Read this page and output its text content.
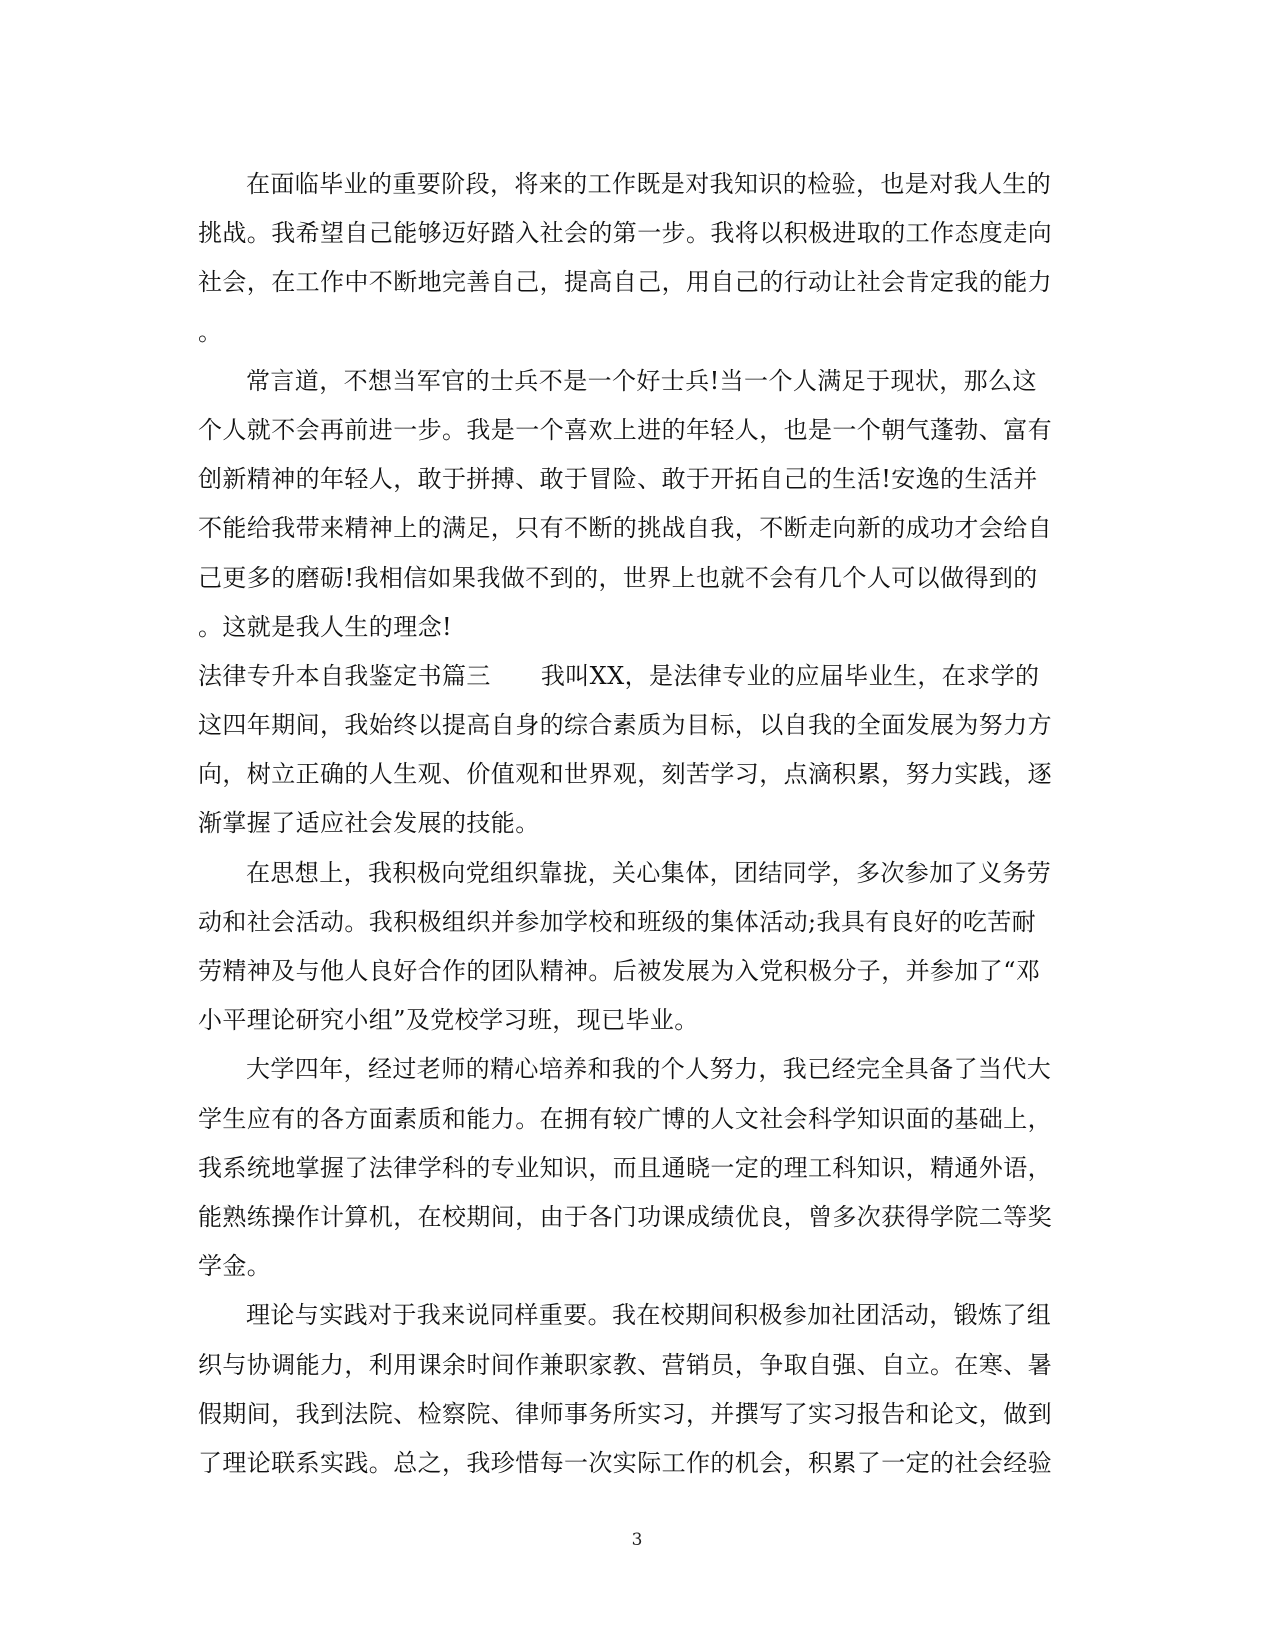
在面临毕业的重要阶段，将来的工作既是对我知识的检验，也是对我人生的
挑战。我希望自己能够迈好踏入社会的第一步。我将以积极进取的工作态度走向
社会，在工作中不断地完善自己，提高自己，用自己的行动让社会肯定我的能力
。
常言道，不想当军官的士兵不是一个好士兵!当一个人满足于现状，那么这
个人就不会再前进一步。我是一个喜欢上进的年轻人，也是一个朝气蓬勃、富有
创新精神的年轻人，敢于拼搏、敢于冒险、敢于开拓自己的生活!安逸的生活并
不能给我带来精神上的满足，只有不断的挑战自我，不断走向新的成功才会给自
己更多的磨砺!我相信如果我做不到的，世界上也就不会有几个人可以做得到的
。这就是我人生的理念!
法律专升本自我鉴定书篇三 我叫XX，是法律专业的应届毕业生，在求学的
这四年期间，我始终以提高自身的综合素质为目标，以自我的全面发展为努力方
向，树立正确的人生观、价值观和世界观，刻苦学习，点滴积累，努力实践，逐
渐掌握了适应社会发展的技能。
在思想上，我积极向党组织靠拢，关心集体，团结同学，多次参加了义务劳
动和社会活动。我积极组织并参加学校和班级的集体活动;我具有良好的吃苦耐
劳精神及与他人良好合作的团队精神。后被发展为入党积极分子，并参加了“邓
小平理论研究小组”及党校学习班，现已毕业。
大学四年，经过老师的精心培养和我的个人努力，我已经完全具备了当代大
学生应有的各方面素质和能力。在拥有较广博的人文社会科学知识面的基础上，
我系统地掌握了法律学科的专业知识，而且通晓一定的理工科知识，精通外语，
能熟练操作计算机，在校期间，由于各门功课成绩优良，曾多次获得学院二等奖
学金。
理论与实践对于我来说同样重要。我在校期间积极参加社团活动，锻炼了组
织与协调能力，利用课余时间作兼职家教、营销员，争取自强、自立。在寒、暑
假期间，我到法院、检察院、律师事务所实习，并撰写了实习报告和论文，做到
了理论联系实践。总之，我珍惜每一次实际工作的机会，积累了一定的社会经验
3
